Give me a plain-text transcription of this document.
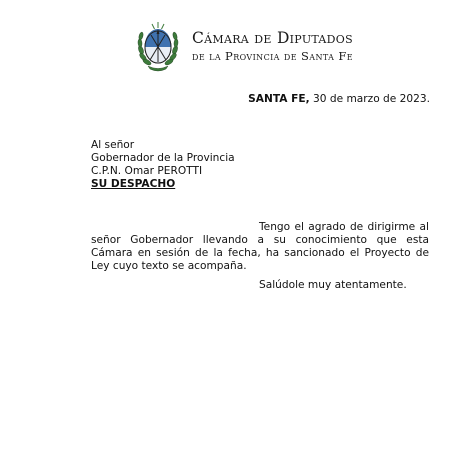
Cámara de Diputados
de la Provincia de Santa Fe
SANTA FE, 30 de marzo de 2023.
Al señor
Gobernador de la Provincia
C.P.N. Omar PEROTTI
SU DESPACHO
Tengo el agrado de dirigirme al señor Gobernador llevando a su conocimiento que esta Cámara en sesión de la fecha, ha sancionado el Proyecto de Ley cuyo texto se acompaña.
Salúdole muy atentamente.
